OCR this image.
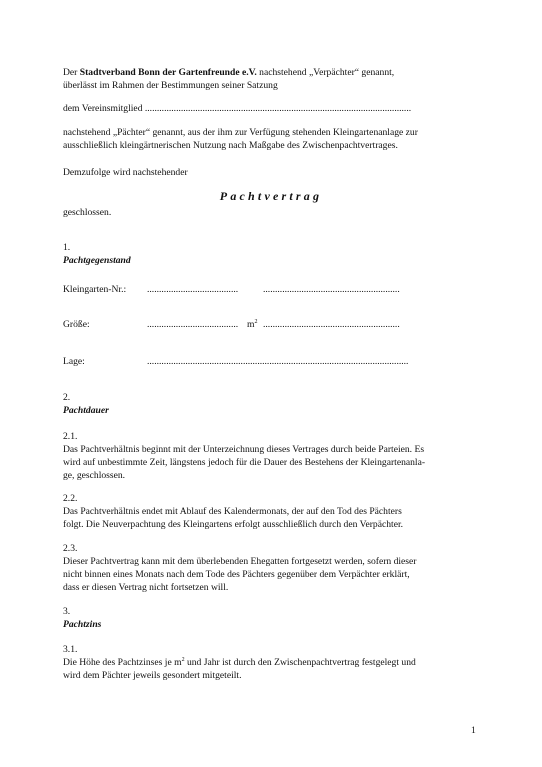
Der Stadtverband Bonn der Gartenfreunde e.V. nachstehend „Verpächter“ genannt,
überlässt im Rahmen der Bestimmungen seiner Satzung
dem Vereinsmitglied ...............................................................................................................
nachstehend „Pächter“ genannt, aus der ihm zur Verfügung stehenden Kleingartenanlage zur
ausschließlich kleingärtnerischen Nutzung nach Maßgabe des Zwischenpachtvertrages.
Demzufolge wird nachstehender
Pachtvertrag
geschlossen.
1.
Pachtgegenstand
Kleingarten-Nr.: ......................................	.........................................................
Größe:	...................................... $m^2$ .........................................................
Lage:	.............................................................................................................
2.
Pachtdauer
2.1.
Das Pachtverhältnis beginnt mit der Unterzeichnung dieses Vertrages durch beide Parteien. Es
wird auf unbestimmte Zeit, längstens jedoch für die Dauer des Bestehens der Kleingartenanla-
ge, geschlossen.
2.2.
Das Pachtverhältnis endet mit Ablauf des Kalendermonats, der auf den Tod des Pächters
folgt. Die Neuverpachtung des Kleingartens erfolgt ausschließlich durch den Verpächter.
2.3.
Dieser Pachtvertrag kann mit dem überlebenden Ehegatten fortgesetzt werden, sofern dieser
nicht binnen eines Monats nach dem Tode des Pächters gegenüber dem Verpächter erklärt,
dass er diesen Vertrag nicht fortsetzen will.
3.
Pachtzins
3.1.
Die Höhe des Pachtzinses je $m^2$ und Jahr ist durch den Zwischenpachtvertrag festgelegt und
wird dem Pächter jeweils gesondert mitgeteilt.
1
